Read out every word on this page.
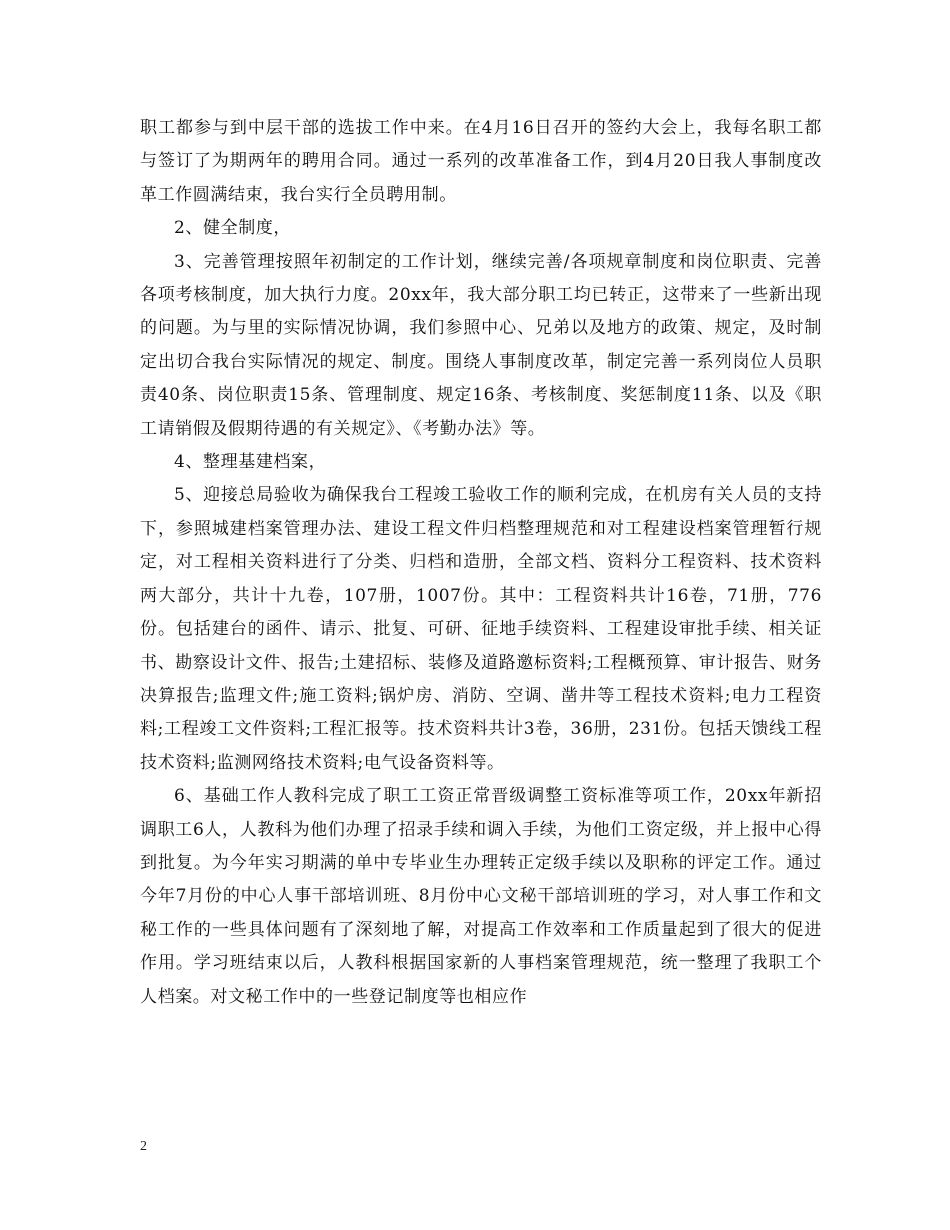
职工都参与到中层干部的选拔工作中来。在4月16日召开的签约大会上，我每名职工都与签订了为期两年的聘用合同。通过一系列的改革准备工作，到4月20日我人事制度改革工作圆满结束，我台实行全员聘用制。

2、健全制度，

3、完善管理按照年初制定的工作计划，继续完善/各项规章制度和岗位职责、完善各项考核制度，加大执行力度。20xx年，我大部分职工均已转正，这带来了一些新出现的问题。为与里的实际情况协调，我们参照中心、兄弟以及地方的政策、规定，及时制定出切合我台实际情况的规定、制度。围绕人事制度改革，制定完善一系列岗位人员职责40条、岗位职责15条、管理制度、规定16条、考核制度、奖惩制度11条、以及《职工请销假及假期待遇的有关规定》、《考勤办法》等。

4、整理基建档案，

5、迎接总局验收为确保我台工程竣工验收工作的顺利完成，在机房有关人员的支持下，参照城建档案管理办法、建设工程文件归档整理规范和对工程建设档案管理暂行规定，对工程相关资料进行了分类、归档和造册，全部文档、资料分工程资料、技术资料两大部分，共计十九卷，107册，1007份。其中：工程资料共计16卷，71册，776份。包括建台的函件、请示、批复、可研、征地手续资料、工程建设审批手续、相关证书、勘察设计文件、报告;土建招标、装修及道路邀标资料;工程概预算、审计报告、财务决算报告;监理文件;施工资料;锅炉房、消防、空调、凿井等工程技术资料;电力工程资料;工程竣工文件资料;工程汇报等。技术资料共计3卷，36册，231份。包括天馈线工程技术资料;监测网络技术资料;电气设备资料等。

6、基础工作人教科完成了职工工资正常晋级调整工资标准等项工作，20xx年新招调职工6人，人教科为他们办理了招录手续和调入手续，为他们工资定级，并上报中心得到批复。为今年实习期满的单中专毕业生办理转正定级手续以及职称的评定工作。通过今年7月份的中心人事干部培训班、8月份中心文秘干部培训班的学习，对人事工作和文秘工作的一些具体问题有了深刻地了解，对提高工作效率和工作质量起到了很大的促进作用。学习班结束以后，人教科根据国家新的人事档案管理规范，统一整理了我职工个人档案。对文秘工作中的一些登记制度等也相应作

2
